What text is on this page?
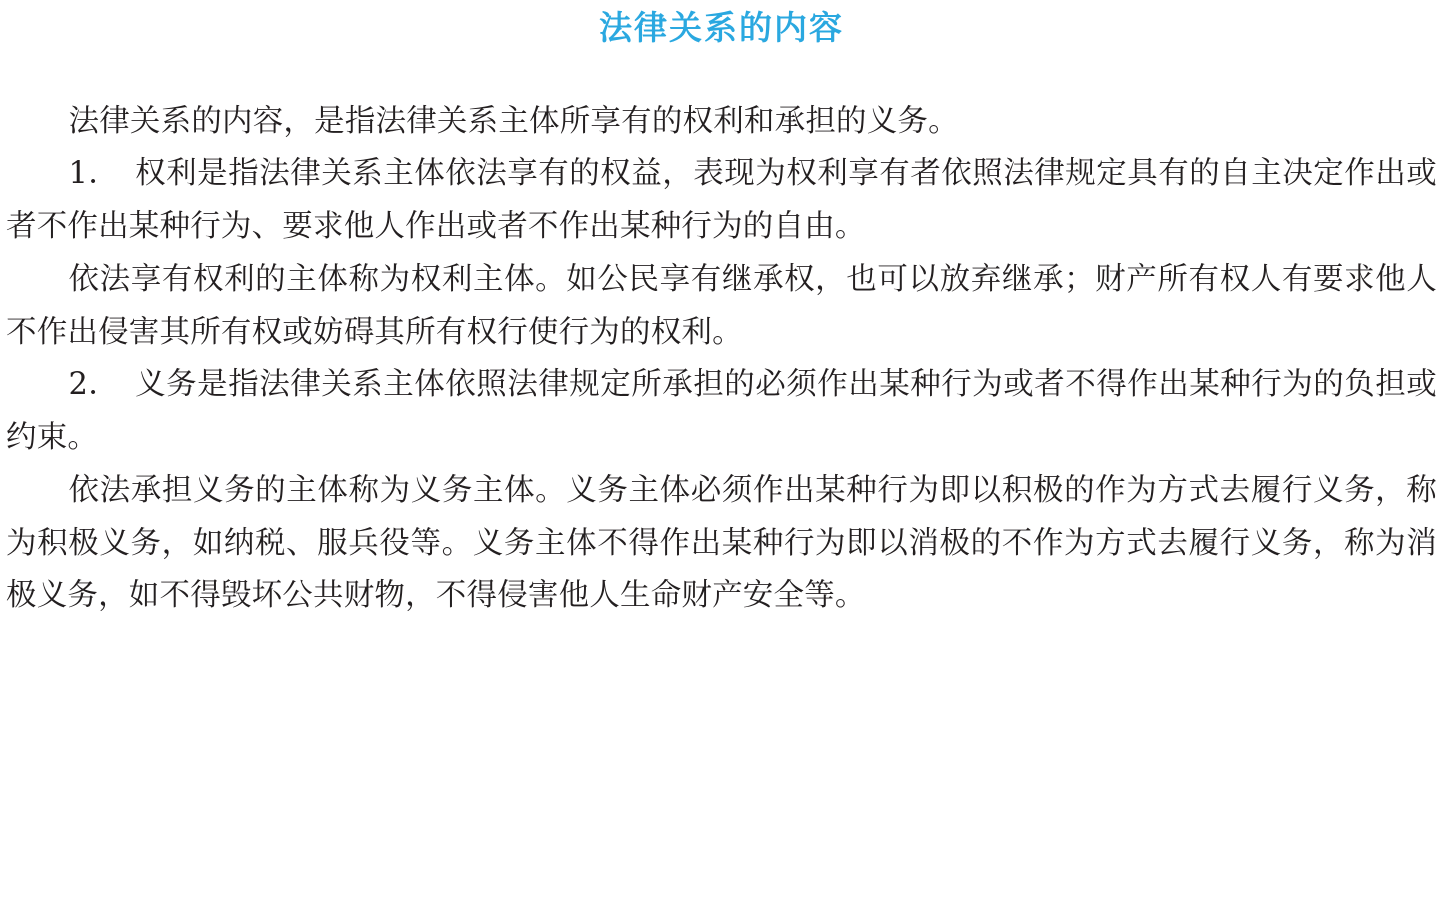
法律关系的内容

法律关系的内容，是指法律关系主体所享有的权利和承担的义务。

1．　权利是指法律关系主体依法享有的权益，表现为权利享有者依照法律规定具有的自主决定作出或者不作出某种行为、要求他人作出或者不作出某种行为的自由。

依法享有权利的主体称为权利主体。如公民享有继承权，也可以放弃继承；财产所有权人有要求他人不作出侵害其所有权或妨碍其所有权行使行为的权利。

2．　义务是指法律关系主体依照法律规定所承担的必须作出某种行为或者不得作出某种行为的负担或约束。

依法承担义务的主体称为义务主体。义务主体必须作出某种行为即以积极的作为方式去履行义务，称为积极义务，如纳税、服兵役等。义务主体不得作出某种行为即以消极的不作为方式去履行义务，称为消极义务，如不得毁坏公共财物，不得侵害他人生命财产安全等。
